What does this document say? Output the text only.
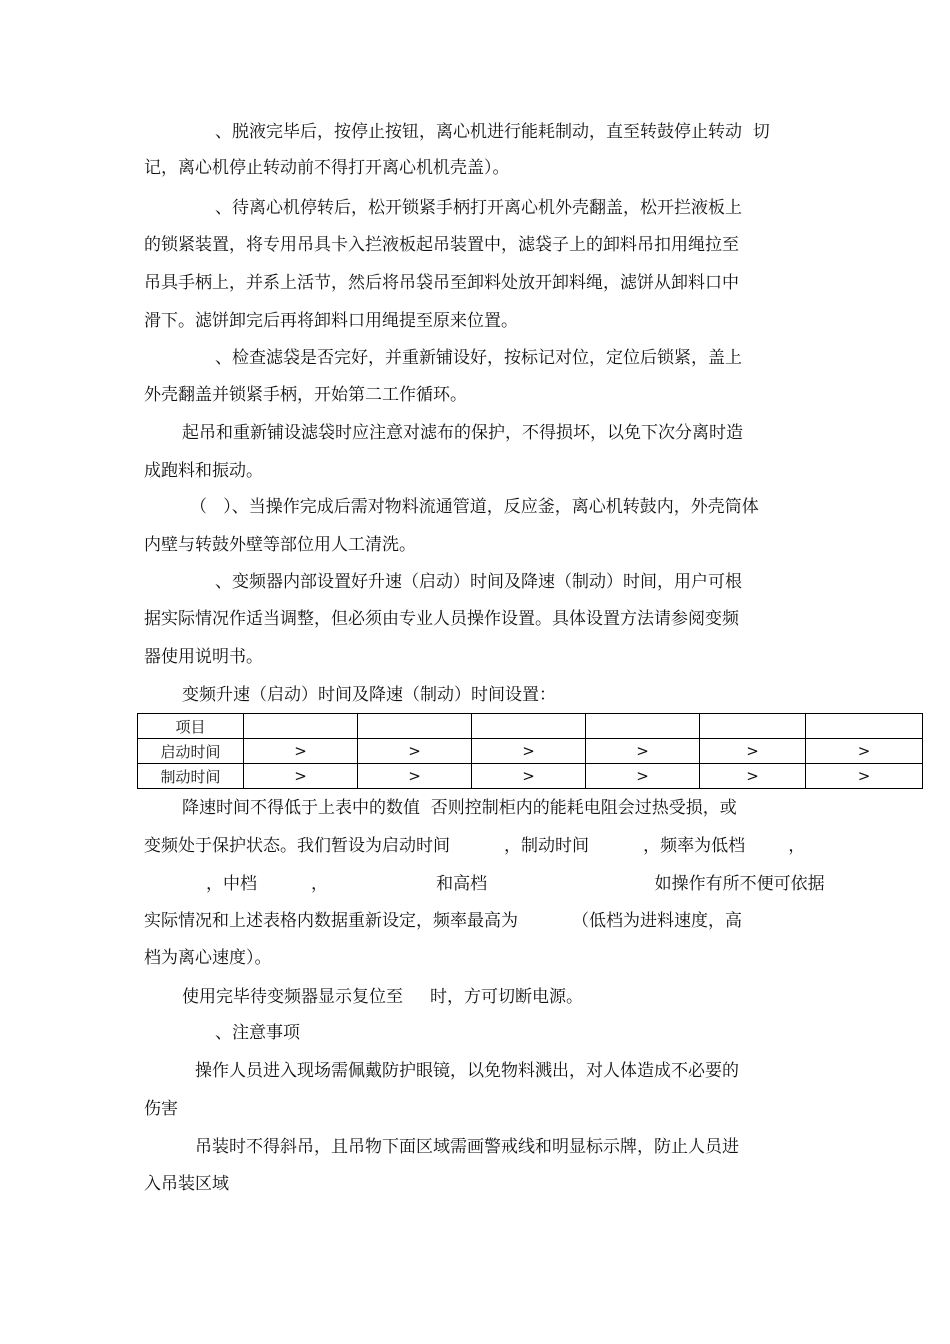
、脱液完毕后，按停止按钮，离心机进行能耗制动，直至转鼓停止转动  切
记，离心机停止转动前不得打开离心机机壳盖）。
、待离心机停转后，松开锁紧手柄打开离心机外壳翻盖，松开拦液板上
的锁紧装置，将专用吊具卡入拦液板起吊装置中，滤袋子上的卸料吊扣用绳拉至
吊具手柄上，并系上活节，然后将吊袋吊至卸料处放开卸料绳，滤饼从卸料口中
滑下。滤饼卸完后再将卸料口用绳提至原来位置。
、检查滤袋是否完好，并重新铺设好，按标记对位，定位后锁紧，盖上
外壳翻盖并锁紧手柄，开始第二工作循环。
起吊和重新铺设滤袋时应注意对滤布的保护，不得损坏，以免下次分离时造
成跑料和振动。
（   ）、当操作完成后需对物料流通管道，反应釜，离心机转鼓内，外壳筒体
内壁与转鼓外壁等部位用人工清洗。
、变频器内部设置好升速（启动）时间及降速（制动）时间，用户可根
据实际情况作适当调整，但必须由专业人员操作设置。具体设置方法请参阅变频
器使用说明书。
变频升速（启动）时间及降速（制动）时间设置：
降速时间不得低于上表中的数值  否则控制柜内的能耗电阻会过热受损，或
变频处于保护状态。我们暂设为启动时间          ，制动时间          ，频率为低档        ，
，中档          ，                    和高档                               如操作有所不便可依据
实际情况和上述表格内数据重新设定，频率最高为          （低档为进料速度，高
档为离心速度）。
使用完毕待变频器显示复位至     时，方可切断电源。
、注意事项
操作人员进入现场需佩戴防护眼镜，以免物料溅出，对人体造成不必要的
伤害
吊装时不得斜吊，且吊物下面区域需画警戒线和明显标示牌，防止人员进
入吊装区域
项目						
启动时间	>	>	>	>	>	>
制动时间	>	>	>	>	>	>
